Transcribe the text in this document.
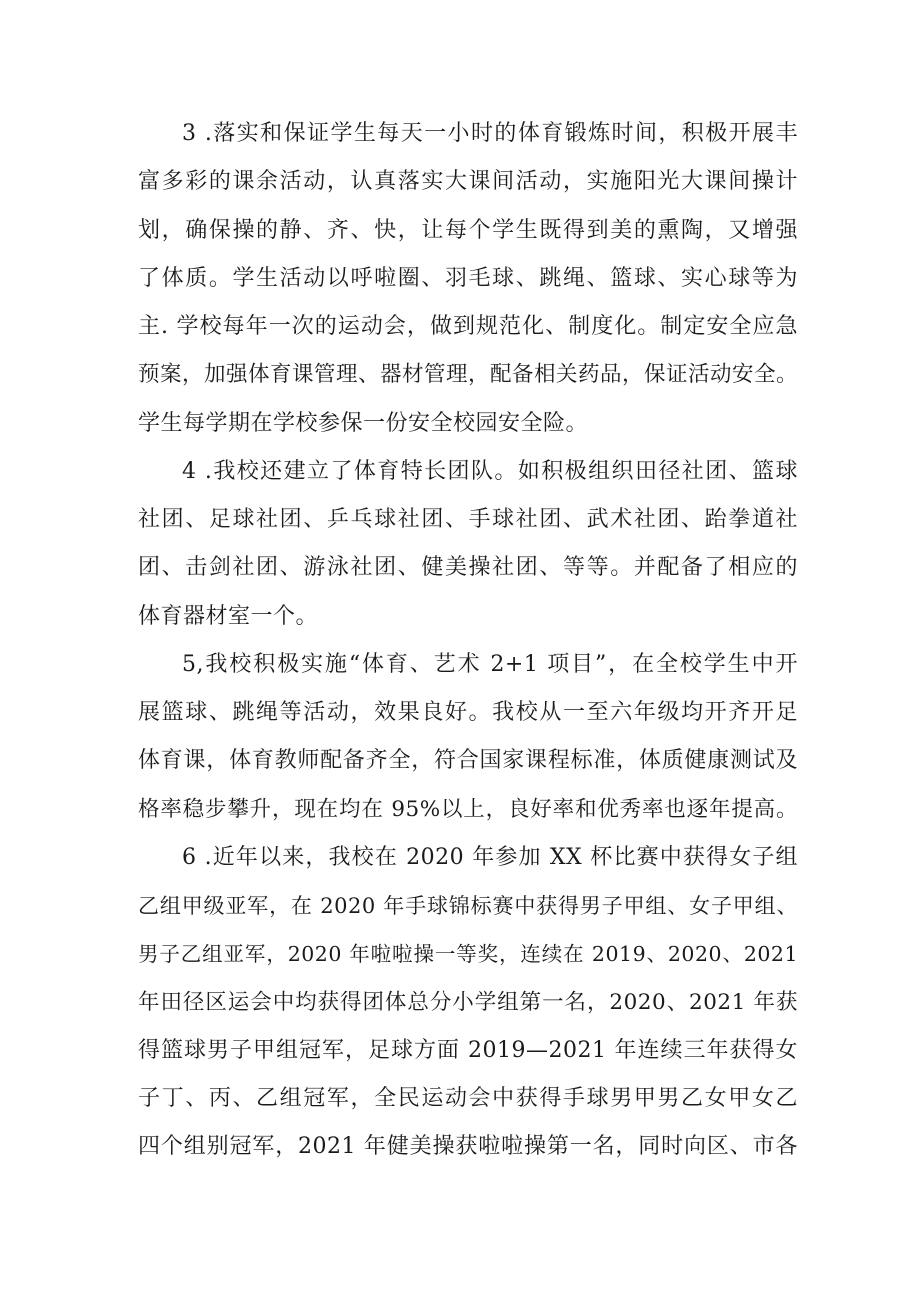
3 .落实和保证学生每天一小时的体育锻炼时间，积极开展丰
富多彩的课余活动，认真落实大课间活动，实施阳光大课间操计
划，确保操的静、齐、快，让每个学生既得到美的熏陶，又增强
了体质。学生活动以呼啦圈、羽毛球、跳绳、篮球、实心球等为
主. 学校每年一次的运动会，做到规范化、制度化。制定安全应急
预案，加强体育课管理、器材管理，配备相关药品，保证活动安全。
学生每学期在学校参保一份安全校园安全险。
4 .我校还建立了体育特长团队。如积极组织田径社团、篮球
社团、足球社团、乒乓球社团、手球社团、武术社团、跆拳道社
团、击剑社团、游泳社团、健美操社团、等等。并配备了相应的
体育器材室一个。
5,我校积极实施“体育、艺术 2+1 项目”，在全校学生中开
展篮球、跳绳等活动，效果良好。我校从一至六年级均开齐开足
体育课，体育教师配备齐全，符合国家课程标准，体质健康测试及
格率稳步攀升，现在均在 95%以上，良好率和优秀率也逐年提高。
6 .近年以来，我校在 2020 年参加 XX 杯比赛中获得女子组
乙组甲级亚军，在 2020 年手球锦标赛中获得男子甲组、女子甲组、
男子乙组亚军，2020 年啦啦操一等奖，连续在 2019、2020、2021
年田径区运会中均获得团体总分小学组第一名，2020、2021 年获
得篮球男子甲组冠军，足球方面 2019—2021 年连续三年获得女
子丁、丙、乙组冠军，全民运动会中获得手球男甲男乙女甲女乙
四个组别冠军，2021 年健美操获啦啦操第一名，同时向区、市各
